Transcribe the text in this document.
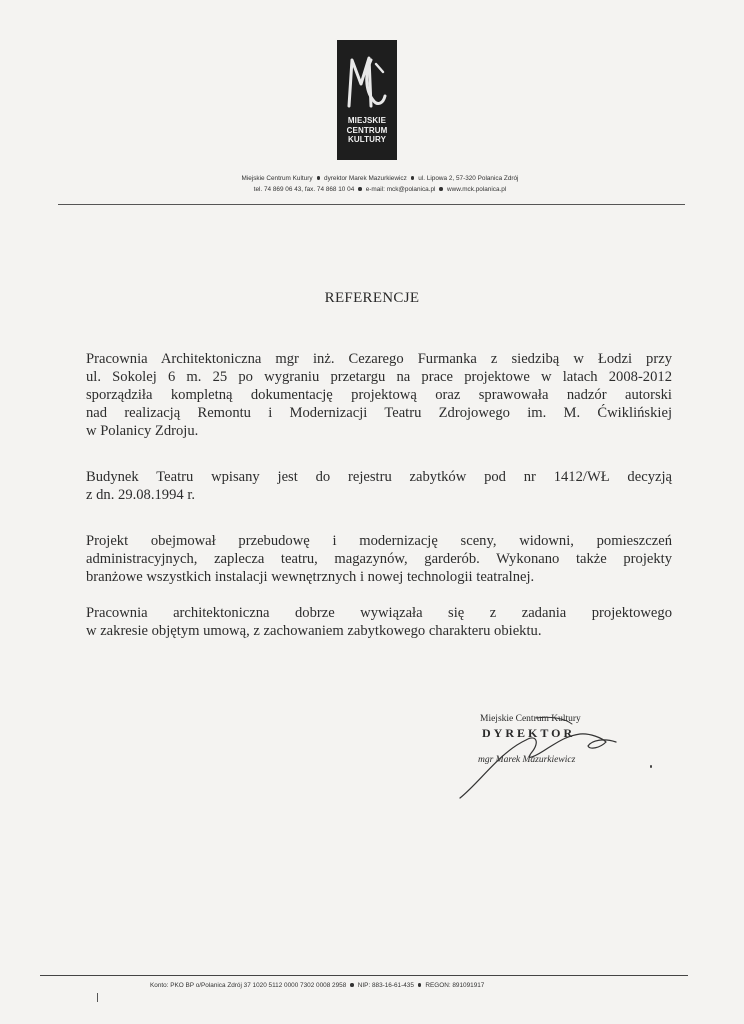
MIEJSKIE
CENTRUM
KULTURY
Miejskie Centrum Kultury dyrektor Marek Mazurkiewicz ul. Lipowa 2, 57-320 Polanica Zdrój
tel. 74 869 06 43, fax. 74 868 10 04 e-mail: mck@polanica.pl www.mck.polanica.pl
REFERENCJE
Pracownia Architektoniczna mgr inż. Cezarego Furmanka z siedzibą w Łodzi przy
ul. Sokolej 6 m. 25 po wygraniu przetargu na prace projektowe w latach 2008-2012
sporządziła kompletną dokumentację projektową oraz sprawowała nadzór autorski
nad realizacją Remontu i Modernizacji Teatru Zdrojowego im. M. Ćwiklińskiej
w Polanicy Zdroju.
Budynek Teatru wpisany jest do rejestru zabytków pod nr 1412/WŁ decyzją
z dn. 29.08.1994 r.
Projekt obejmował przebudowę i modernizację sceny, widowni, pomieszczeń
administracyjnych, zaplecza teatru, magazynów, garderób. Wykonano także projekty
branżowe wszystkich instalacji wewnętrznych i nowej technologii teatralnej.
Pracownia architektoniczna dobrze wywiązała się z zadania projektowego
w zakresie objętym umową, z zachowaniem zabytkowego charakteru obiektu.
Miejskie Centrum Kultury
DYREKTOR
mgr Marek Mazurkiewicz
Konto: PKO BP o/Polanica Zdrój 37 1020 5112 0000 7302 0008 2958 NIP: 883-16-61-435 REGON: 891091917
